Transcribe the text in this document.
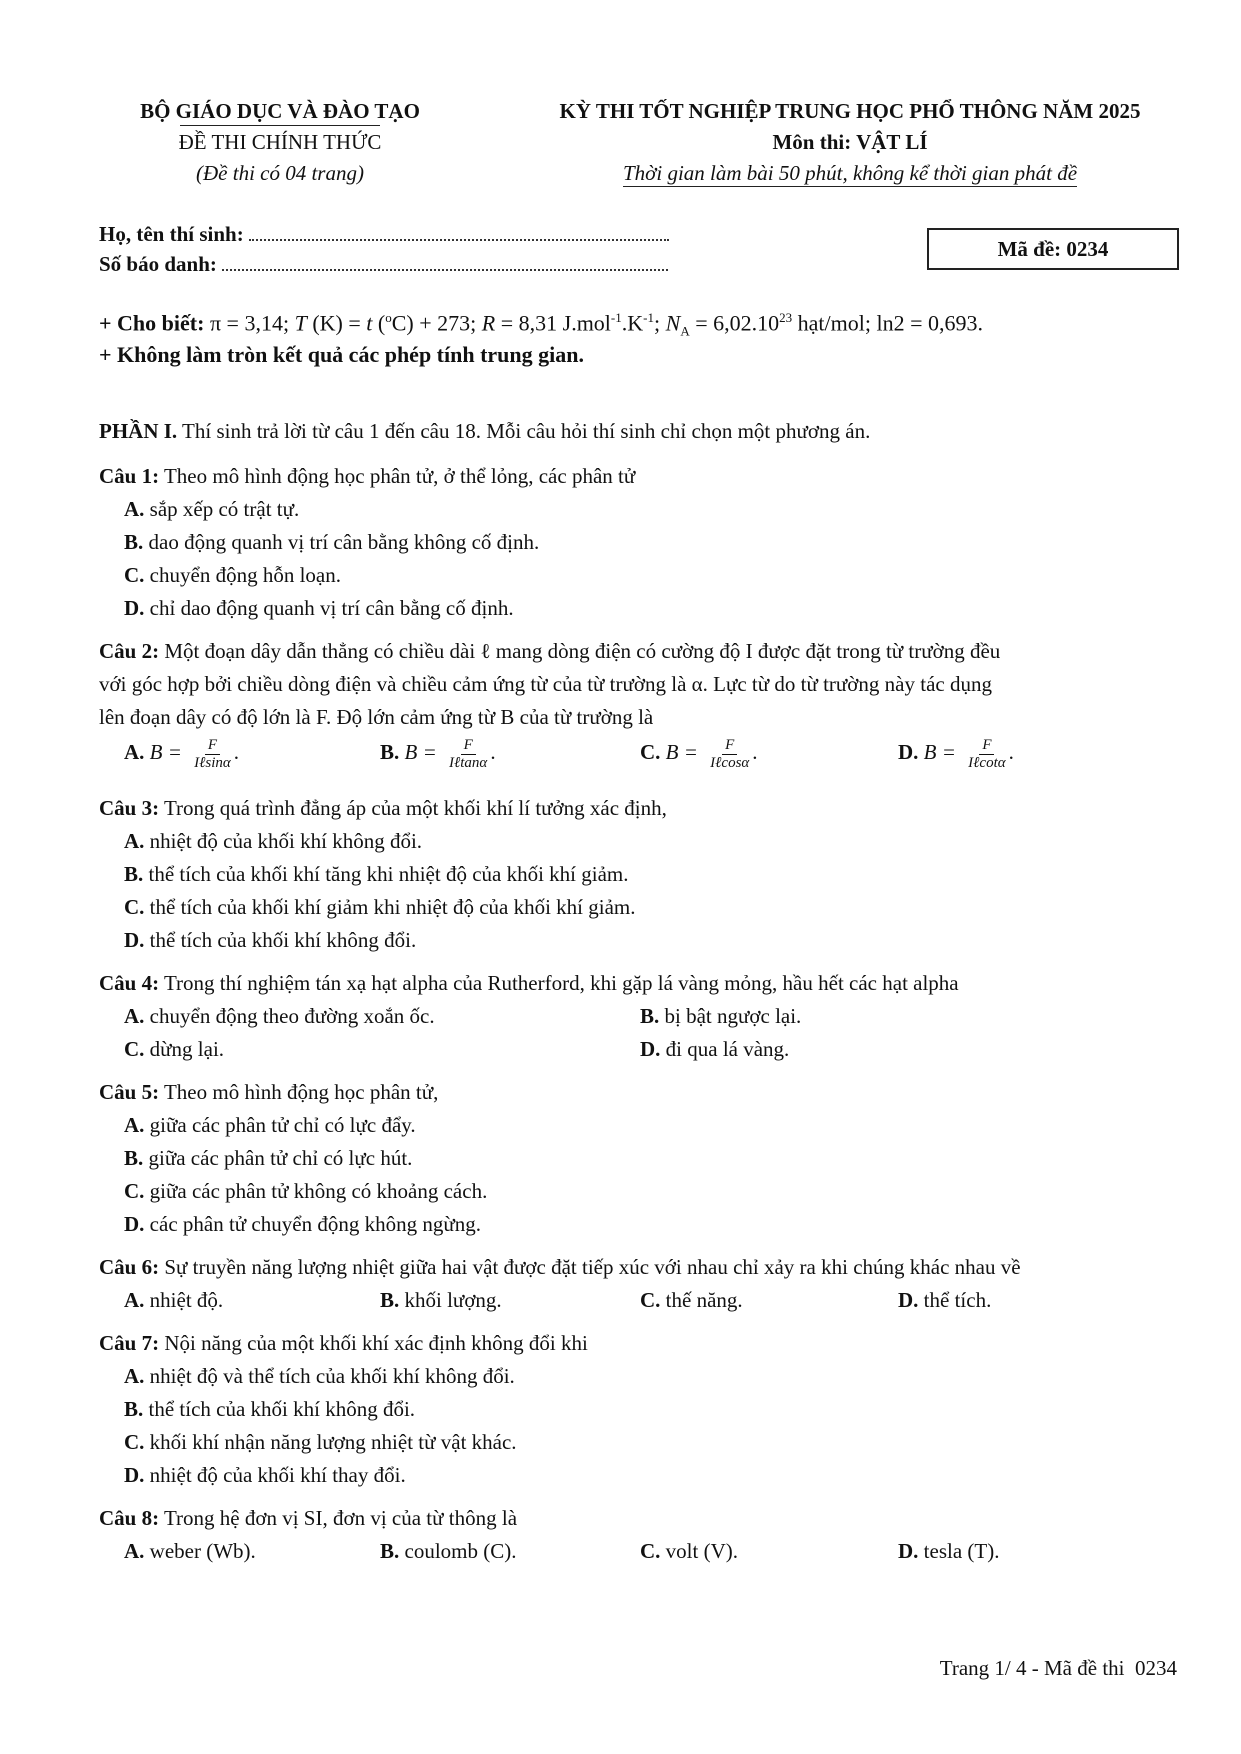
BỘ GIÁO DỤC VÀ ĐÀO TẠO
ĐỀ THI CHÍNH THỨC
(Đề thi có 04 trang)
KỲ THI TỐT NGHIỆP TRUNG HỌC PHỔ THÔNG NĂM 2025
Môn thi: VẬT LÍ
Thời gian làm bài 50 phút, không kể thời gian phát đề
Họ, tên thí sinh:
Số báo danh:
Mã đề: 0234
+ Cho biết: π = 3,14; T (K) = t ($^o$C) + 273; R = 8,31 $J.mol^{-1}.K^{-1}$; $N_A = 6,02.10^{23}$ hạt/mol; ln2 = 0,693.
+ Không làm tròn kết quả các phép tính trung gian.
PHẦN I. Thí sinh trả lời từ câu 1 đến câu 18. Mỗi câu hỏi thí sinh chỉ chọn một phương án.
Câu 1: Theo mô hình động học phân tử, ở thể lỏng, các phân tử
A. sắp xếp có trật tự.
B. dao động quanh vị trí cân bằng không cố định.
C. chuyển động hỗn loạn.
D. chỉ dao động quanh vị trí cân bằng cố định.
Câu 2: Một đoạn dây dẫn thẳng có chiều dài ℓ mang dòng điện có cường độ I được đặt trong từ trường đều
với góc hợp bởi chiều dòng điện và chiều cảm ứng từ của từ trường là α. Lực từ do từ trường này tác dụng
lên đoạn dây có độ lớn là F. Độ lớn cảm ứng từ B của từ trường là
A. $B = \frac{F}{\text{Iℓsinα}}$ .	B. $B = \frac{F}{\text{Iℓtanα}}$ .	C. $B = \frac{F}{\text{Iℓcosα}}$ .	D. $B = \frac{F}{\text{Iℓcotα}}$ .
Câu 3: Trong quá trình đẳng áp của một khối khí lí tưởng xác định,
A. nhiệt độ của khối khí không đổi.
B. thể tích của khối khí tăng khi nhiệt độ của khối khí giảm.
C. thể tích của khối khí giảm khi nhiệt độ của khối khí giảm.
D. thể tích của khối khí không đổi.
Câu 4: Trong thí nghiệm tán xạ hạt alpha của Rutherford, khi gặp lá vàng mỏng, hầu hết các hạt alpha
A. chuyển động theo đường xoắn ốc.	B. bị bật ngược lại.
C. dừng lại.	D. đi qua lá vàng.
Câu 5: Theo mô hình động học phân tử,
A. giữa các phân tử chỉ có lực đẩy.
B. giữa các phân tử chỉ có lực hút.
C. giữa các phân tử không có khoảng cách.
D. các phân tử chuyển động không ngừng.
Câu 6: Sự truyền năng lượng nhiệt giữa hai vật được đặt tiếp xúc với nhau chỉ xảy ra khi chúng khác nhau về
A. nhiệt độ.	B. khối lượng.	C. thế năng.	D. thể tích.
Câu 7: Nội năng của một khối khí xác định không đổi khi
A. nhiệt độ và thể tích của khối khí không đổi.
B. thể tích của khối khí không đổi.
C. khối khí nhận năng lượng nhiệt từ vật khác.
D. nhiệt độ của khối khí thay đổi.
Câu 8: Trong hệ đơn vị SI, đơn vị của từ thông là
A. weber (Wb).	B. coulomb (C).	C. volt (V).	D. tesla (T).
Trang 1/ 4 - Mã đề thi  0234
